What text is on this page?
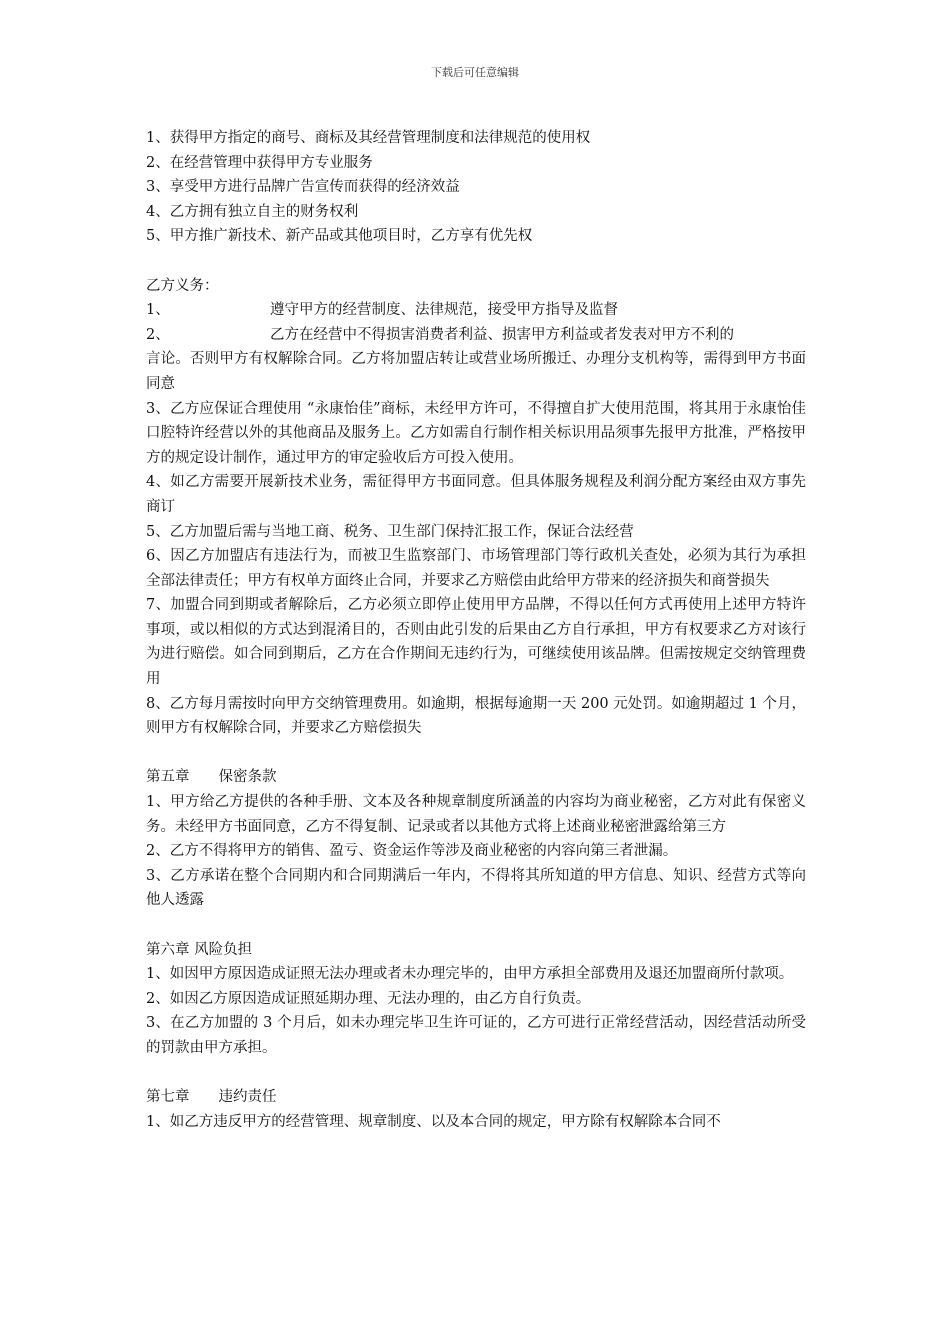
下载后可任意编辑

1、获得甲方指定的商号、商标及其经营管理制度和法律规范的使用权

2、在经营管理中获得甲方专业服务

3、享受甲方进行品牌广告宣传而获得的经济效益

4、乙方拥有独立自主的财务权利

5、甲方推广新技术、新产品或其他项目时，乙方享有优先权

乙方义务：

1、	遵守甲方的经营制度、法律规范，接受甲方指导及监督

2、	乙方在经营中不得损害消费者利益、损害甲方利益或者发表对甲方不利的

言论。否则甲方有权解除合同。乙方将加盟店转让或营业场所搬迁、办理分支机构等，需得到甲方书面同意

3、乙方应保证合理使用 “永康怡佳”商标，未经甲方许可，不得擅自扩大使用范围，将其用于永康怡佳口腔特许经营以外的其他商品及服务上。乙方如需自行制作相关标识用品须事先报甲方批准，严格按甲方的规定设计制作，通过甲方的审定验收后方可投入使用。

4、如乙方需要开展新技术业务，需征得甲方书面同意。但具体服务规程及利润分配方案经由双方事先商订

5、乙方加盟后需与当地工商、税务、卫生部门保持汇报工作，保证合法经营

6、因乙方加盟店有违法行为，而被卫生监察部门、市场管理部门等行政机关查处，必须为其行为承担全部法律责任；甲方有权单方面终止合同，并要求乙方赔偿由此给甲方带来的经济损失和商誉损失

7、加盟合同到期或者解除后，乙方必须立即停止使用甲方品牌，不得以任何方式再使用上述甲方特许事项，或以相似的方式达到混淆目的，否则由此引发的后果由乙方自行承担，甲方有权要求乙方对该行为进行赔偿。如合同到期后，乙方在合作期间无违约行为，可继续使用该品牌。但需按规定交纳管理费用

8、乙方每月需按时向甲方交纳管理费用。如逾期，根据每逾期一天 200 元处罚。如逾期超过 1 个月，则甲方有权解除合同，并要求乙方赔偿损失

第五章　　保密条款

1、甲方给乙方提供的各种手册、文本及各种规章制度所涵盖的内容均为商业秘密，乙方对此有保密义务。未经甲方书面同意，乙方不得复制、记录或者以其他方式将上述商业秘密泄露给第三方

2、乙方不得将甲方的销售、盈亏、资金运作等涉及商业秘密的内容向第三者泄漏。

3、乙方承诺在整个合同期内和合同期满后一年内，不得将其所知道的甲方信息、知识、经营方式等向他人透露

第六章 风险负担

1、如因甲方原因造成证照无法办理或者未办理完毕的，由甲方承担全部费用及退还加盟商所付款项。

2、如因乙方原因造成证照延期办理、无法办理的，由乙方自行负责。

3、在乙方加盟的 3 个月后，如未办理完毕卫生许可证的，乙方可进行正常经营活动，因经营活动所受的罚款由甲方承担。

第七章　　违约责任

1、如乙方违反甲方的经营管理、规章制度、以及本合同的规定，甲方除有权解除本合同不
